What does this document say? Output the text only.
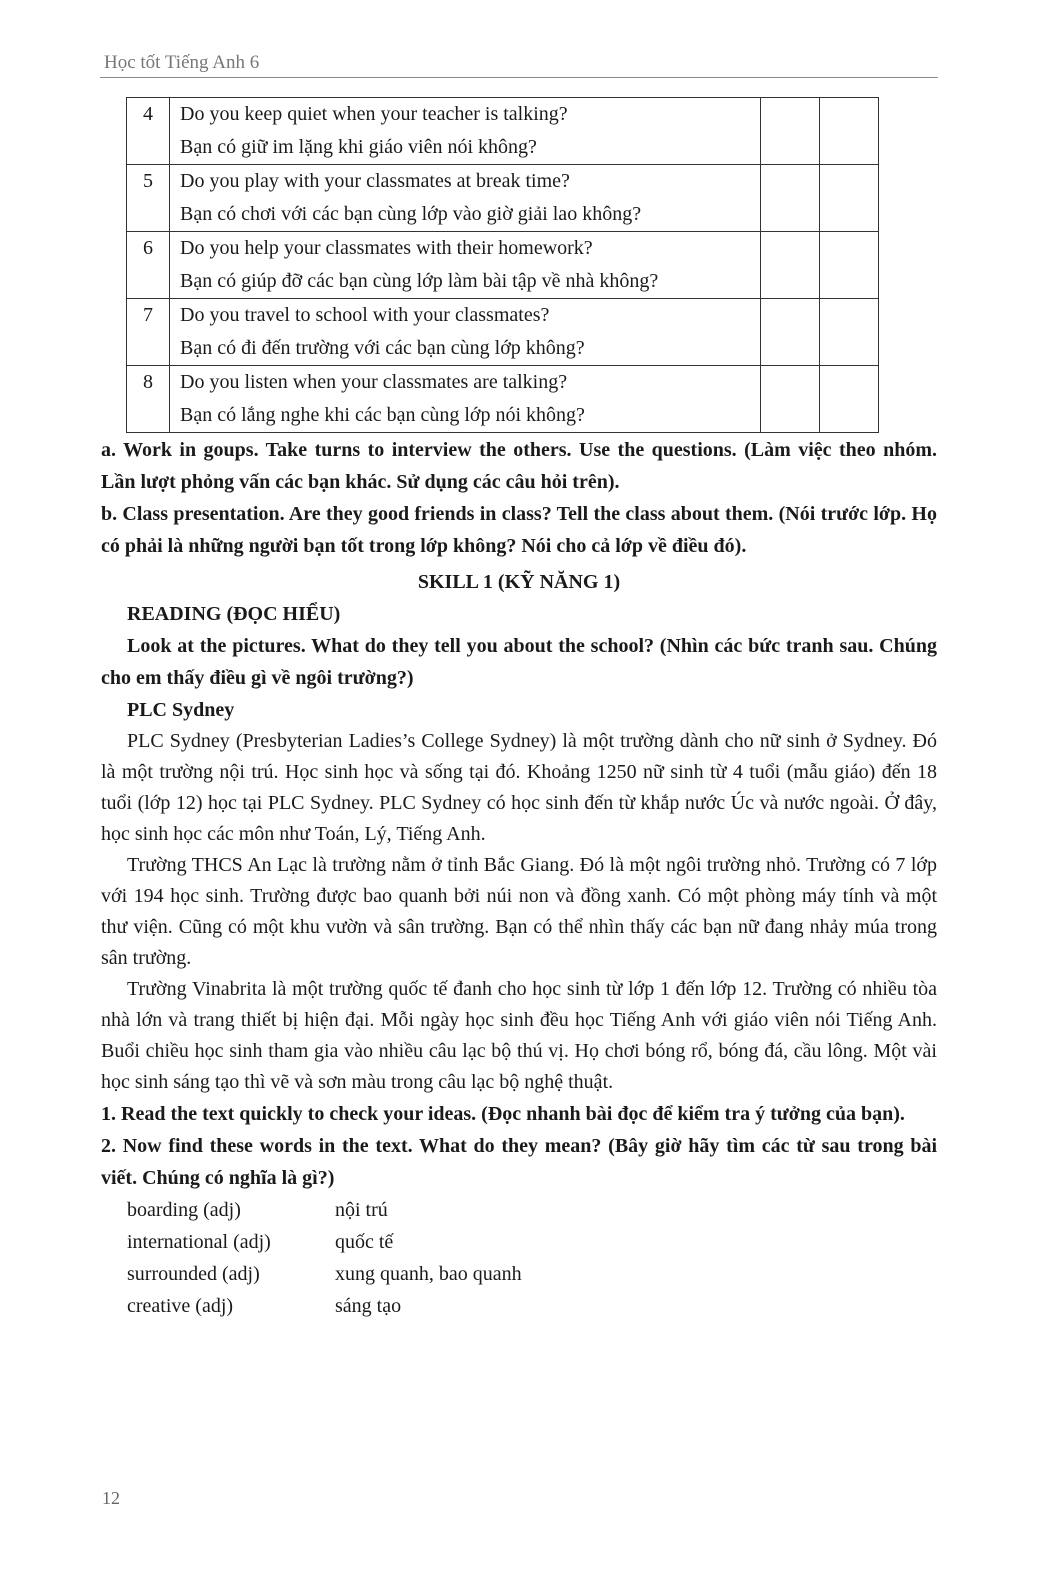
Học tốt Tiếng Anh 6
4	Do you keep quiet when your teacher is talking?
Bạn có giữ im lặng khi giáo viên nói không?		

5	Do you play with your classmates at break time?
Bạn có chơi với các bạn cùng lớp vào giờ giải lao không?		

6	Do you help your classmates with their homework?
Bạn có giúp đỡ các bạn cùng lớp làm bài tập về nhà không?		

7	Do you travel to school with your classmates?
Bạn có đi đến trường với các bạn cùng lớp không?		

8	Do you listen when your classmates are talking?
Bạn có lắng nghe khi các bạn cùng lớp nói không?		

a. Work in goups. Take turns to interview the others. Use the questions. (Làm việc theo nhóm. Lần lượt phỏng vấn các bạn khác. Sử dụng các câu hỏi trên).

b. Class presentation. Are they good friends in class? Tell the class about them. (Nói trước lớp. Họ có phải là những người bạn tốt trong lớp không? Nói cho cả lớp về điều đó).

SKILL 1 (KỸ NĂNG 1)

READING (ĐỌC HIỂU)

Look at the pictures. What do they tell you about the school? (Nhìn các bức tranh sau. Chúng cho em thấy điều gì về ngôi trường?)

PLC Sydney

PLC Sydney (Presbyterian Ladies’s College Sydney) là một trường dành cho nữ sinh ở Sydney. Đó là một trường nội trú. Học sinh học và sống tại đó. Khoảng 1250 nữ sinh từ 4 tuổi (mẫu giáo) đến 18 tuổi (lớp 12) học tại PLC Sydney. PLC Sydney có học sinh đến từ khắp nước Úc và nước ngoài. Ở đây, học sinh học các môn như Toán, Lý, Tiếng Anh.

Trường THCS An Lạc là trường nằm ở tỉnh Bắc Giang. Đó là một ngôi trường nhỏ. Trường có 7 lớp với 194 học sinh. Trường được bao quanh bởi núi non và đồng xanh. Có một phòng máy tính và một thư viện. Cũng có một khu vườn và sân trường. Bạn có thể nhìn thấy các bạn nữ đang nhảy múa trong sân trường.

Trường Vinabrita là một trường quốc tế đanh cho học sinh từ lớp 1 đến lớp 12. Trường có nhiều tòa nhà lớn và trang thiết bị hiện đại. Mỗi ngày học sinh đều học Tiếng Anh với giáo viên nói Tiếng Anh. Buổi chiều học sinh tham gia vào nhiều câu lạc bộ thú vị. Họ chơi bóng rổ, bóng đá, cầu lông. Một vài học sinh sáng tạo thì vẽ và sơn màu trong câu lạc bộ nghệ thuật.

1. Read the text quickly to check your ideas. (Đọc nhanh bài đọc để kiểm tra ý tưởng của bạn).

2. Now find these words in the text. What do they mean? (Bây giờ hãy tìm các từ sau trong bài viết. Chúng có nghĩa là gì?)

boarding (adj)	nội trú
international (adj)	quốc tế
surrounded (adj)	xung quanh, bao quanh
creative (adj)	sáng tạo
12
